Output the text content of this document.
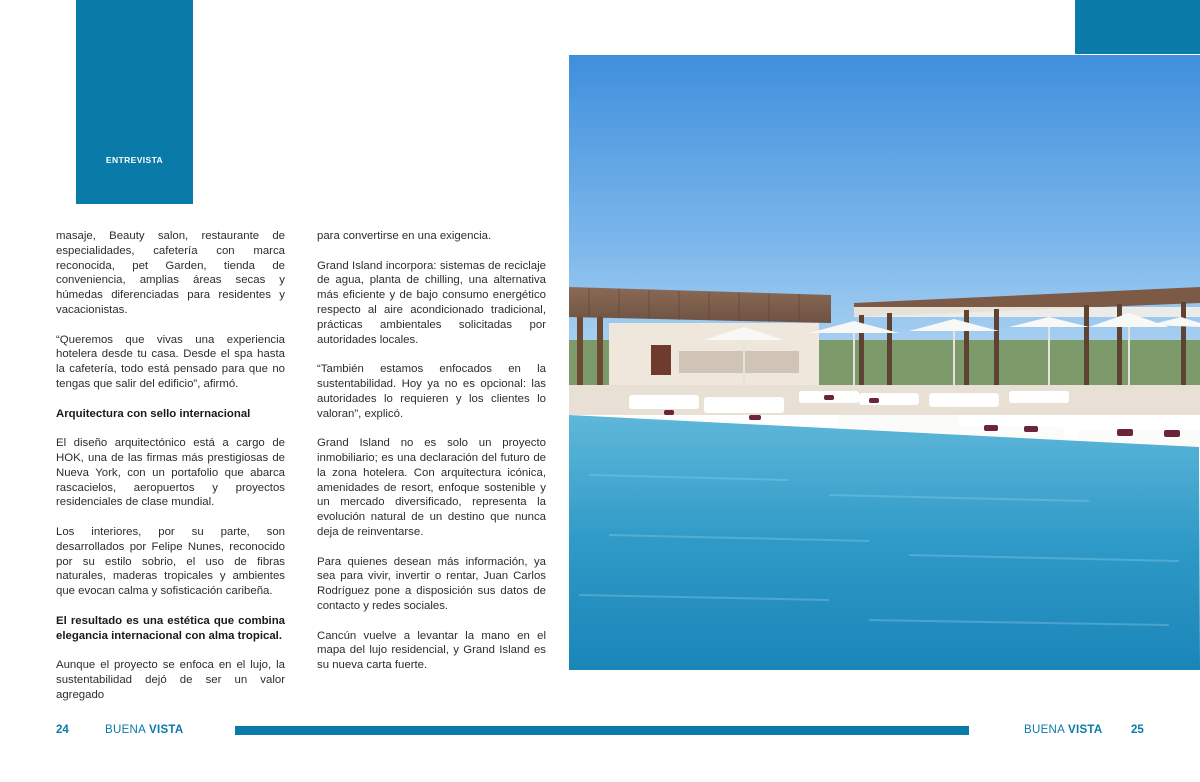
ENTREVISTA

masaje, Beauty salon, restaurante de especialidades, cafetería con marca reconocida, pet Garden, tienda de conveniencia, amplias áreas secas y húmedas diferenciadas para residentes y vacacionistas.

“Queremos que vivas una experiencia hotelera desde tu casa. Desde el spa hasta la cafetería, todo está pensado para que no tengas que salir del edificio”, afirmó.

Arquitectura con sello internacional

El diseño arquitectónico está a cargo de HOK, una de las firmas más prestigiosas de Nueva York, con un portafolio que abarca rascacielos, aeropuertos y proyectos residenciales de clase mundial.

Los interiores, por su parte, son desarrollados por Felipe Nunes, reconocido por su estilo sobrio, el uso de fibras naturales, maderas tropicales y ambientes que evocan calma y sofisticación caribeña.

El resultado es una estética que combina elegancia internacional con alma tropical.

Aunque el proyecto se enfoca en el lujo, la sustentabilidad dejó de ser un valor agregado

para convertirse en una exigencia.

Grand Island incorpora: sistemas de reciclaje de agua, planta de chilling, una alternativa más eficiente y de bajo consumo energético respecto al aire acondicionado tradicional, prácticas ambientales solicitadas por autoridades locales.

“También estamos enfocados en la sustentabilidad. Hoy ya no es opcional: las autoridades lo requieren y los clientes lo valoran”, explicó.

Grand Island no es solo un proyecto inmobiliario; es una declaración del futuro de la zona hotelera. Con arquitectura icónica, amenidades de resort, enfoque sostenible y un mercado diversificado, representa la evolución natural de un destino que nunca deja de reinventarse.

Para quienes desean más información, ya sea para vivir, invertir o rentar, Juan Carlos Rodríguez pone a disposición sus datos de contacto y redes sociales.

Cancún vuelve a levantar la mano en el mapa del lujo residencial, y Grand Island es su nueva carta fuerte.

24	BUENA VISTA	BUENA VISTA 25
